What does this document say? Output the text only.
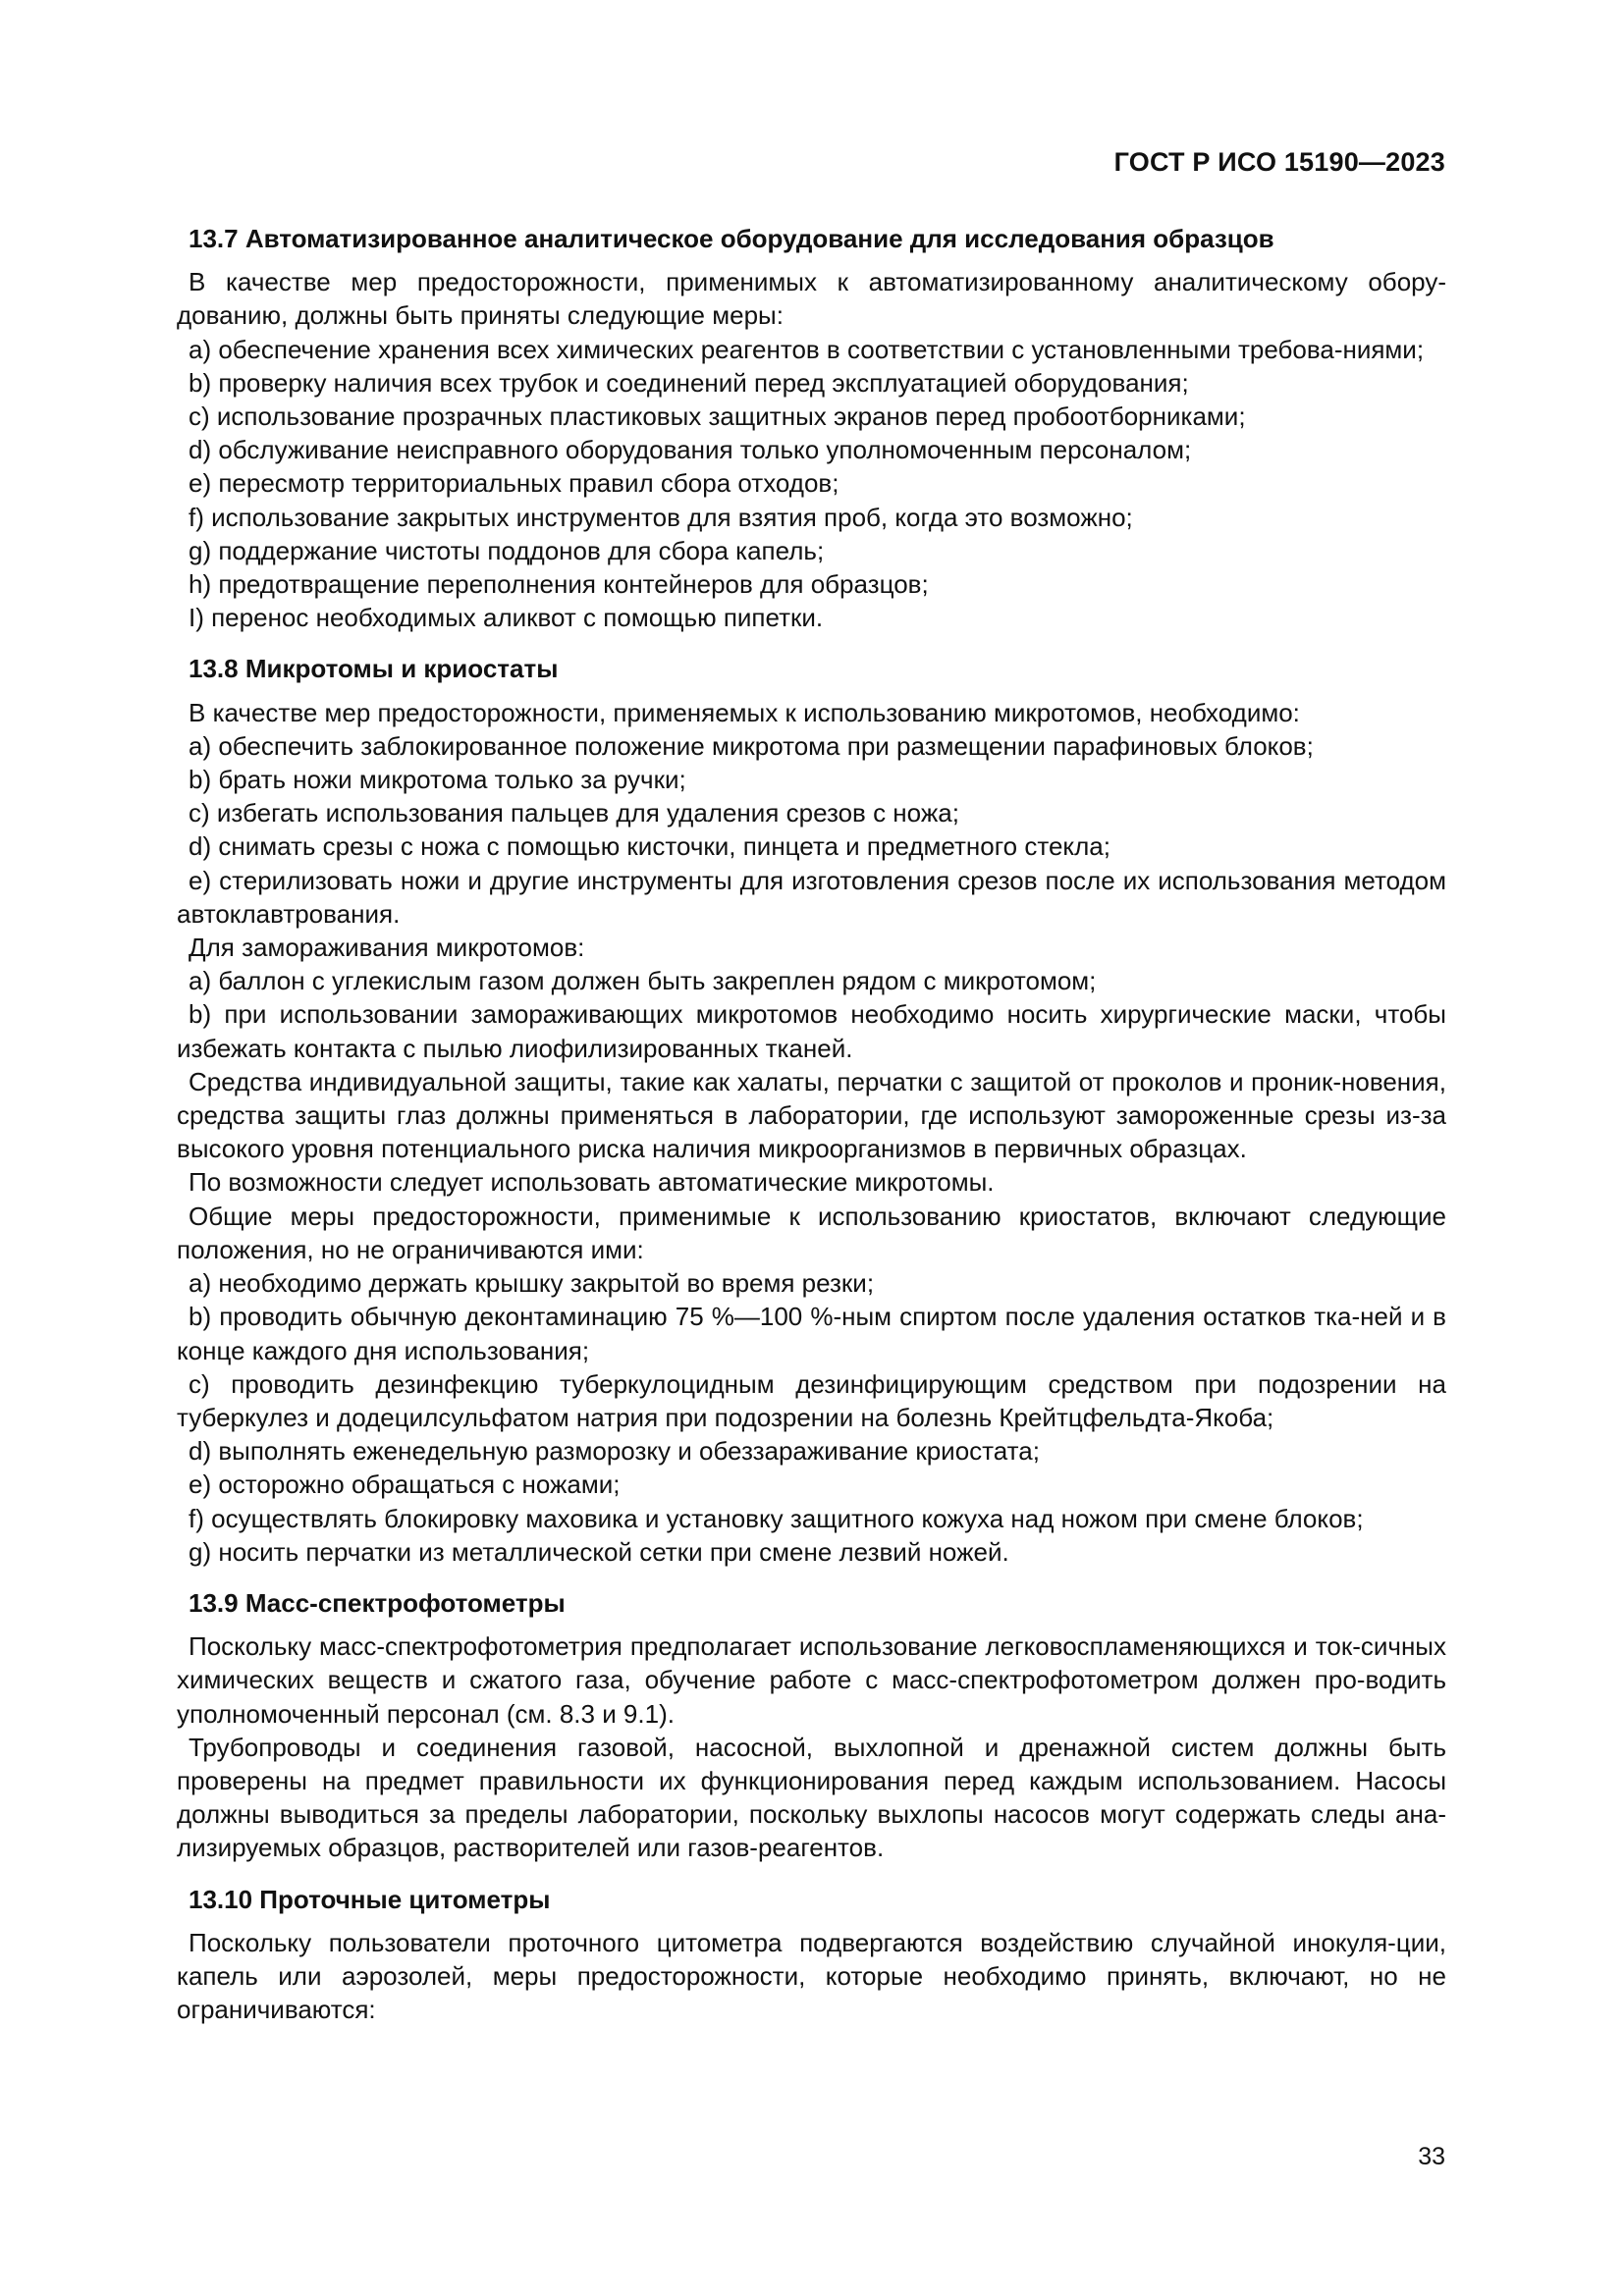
ГОСТ Р ИСО 15190—2023
13.7 Автоматизированное аналитическое оборудование для исследования образцов

В качестве мер предосторожности, применимых к автоматизированному аналитическому обору-дованию, должны быть приняты следующие меры:

a) обеспечение хранения всех химических реагентов в соответствии с установленными требова-ниями;

b) проверку наличия всех трубок и соединений перед эксплуатацией оборудования;

c) использование прозрачных пластиковых защитных экранов перед пробоотборниками;

d) обслуживание неисправного оборудования только уполномоченным персоналом;

e) пересмотр территориальных правил сбора отходов;

f) использование закрытых инструментов для взятия проб, когда это возможно;

g) поддержание чистоты поддонов для сбора капель;

h) предотвращение переполнения контейнеров для образцов;

I) перенос необходимых аликвот с помощью пипетки.

13.8 Микротомы и криостаты

В качестве мер предосторожности, применяемых к использованию микротомов, необходимо:

a) обеспечить заблокированное положение микротома при размещении парафиновых блоков;

b) брать ножи микротома только за ручки;

c) избегать использования пальцев для удаления срезов с ножа;

d) снимать срезы с ножа с помощью кисточки, пинцета и предметного стекла;

e) стерилизовать ножи и другие инструменты для изготовления срезов после их использования методом автоклавтрования.

Для замораживания микротомов:

a) баллон с углекислым газом должен быть закреплен рядом с микротомом;

b) при использовании замораживающих микротомов необходимо носить хирургические маски, чтобы избежать контакта с пылью лиофилизированных тканей.

Средства индивидуальной защиты, такие как халаты, перчатки с защитой от проколов и проник-новения, средства защиты глаз должны применяться в лаборатории, где используют замороженные срезы из-за высокого уровня потенциального риска наличия микроорганизмов в первичных образцах.

По возможности следует использовать автоматические микротомы.

Общие меры предосторожности, применимые к использованию криостатов, включают следующие положения, но не ограничиваются ими:

a) необходимо держать крышку закрытой во время резки;

b) проводить обычную деконтаминацию 75 %—100 %-ным спиртом после удаления остатков тка-ней и в конце каждого дня использования;

c) проводить дезинфекцию туберкулоцидным дезинфицирующим средством при подозрении на туберкулез и додецилсульфатом натрия при подозрении на болезнь Крейтцфельдта-Якоба;

d) выполнять еженедельную разморозку и обеззараживание криостата;

e) осторожно обращаться с ножами;

f) осуществлять блокировку маховика и установку защитного кожуха над ножом при смене блоков;

g) носить перчатки из металлической сетки при смене лезвий ножей.

13.9 Масс-спектрофотометры

Поскольку масс-спектрофотометрия предполагает использование легковоспламеняющихся и ток-сичных химических веществ и сжатого газа, обучение работе с масс-спектрофотометром должен про-водить уполномоченный персонал (см. 8.3 и 9.1).

Трубопроводы и соединения газовой, насосной, выхлопной и дренажной систем должны быть проверены на предмет правильности их функционирования перед каждым использованием. Насосы должны выводиться за пределы лаборатории, поскольку выхлопы насосов могут содержать следы ана-лизируемых образцов, растворителей или газов-реагентов.

13.10 Проточные цитометры

Поскольку пользователи проточного цитометра подвергаются воздействию случайной инокуля-ции, капель или аэрозолей, меры предосторожности, которые необходимо принять, включают, но не ограничиваются:

33
